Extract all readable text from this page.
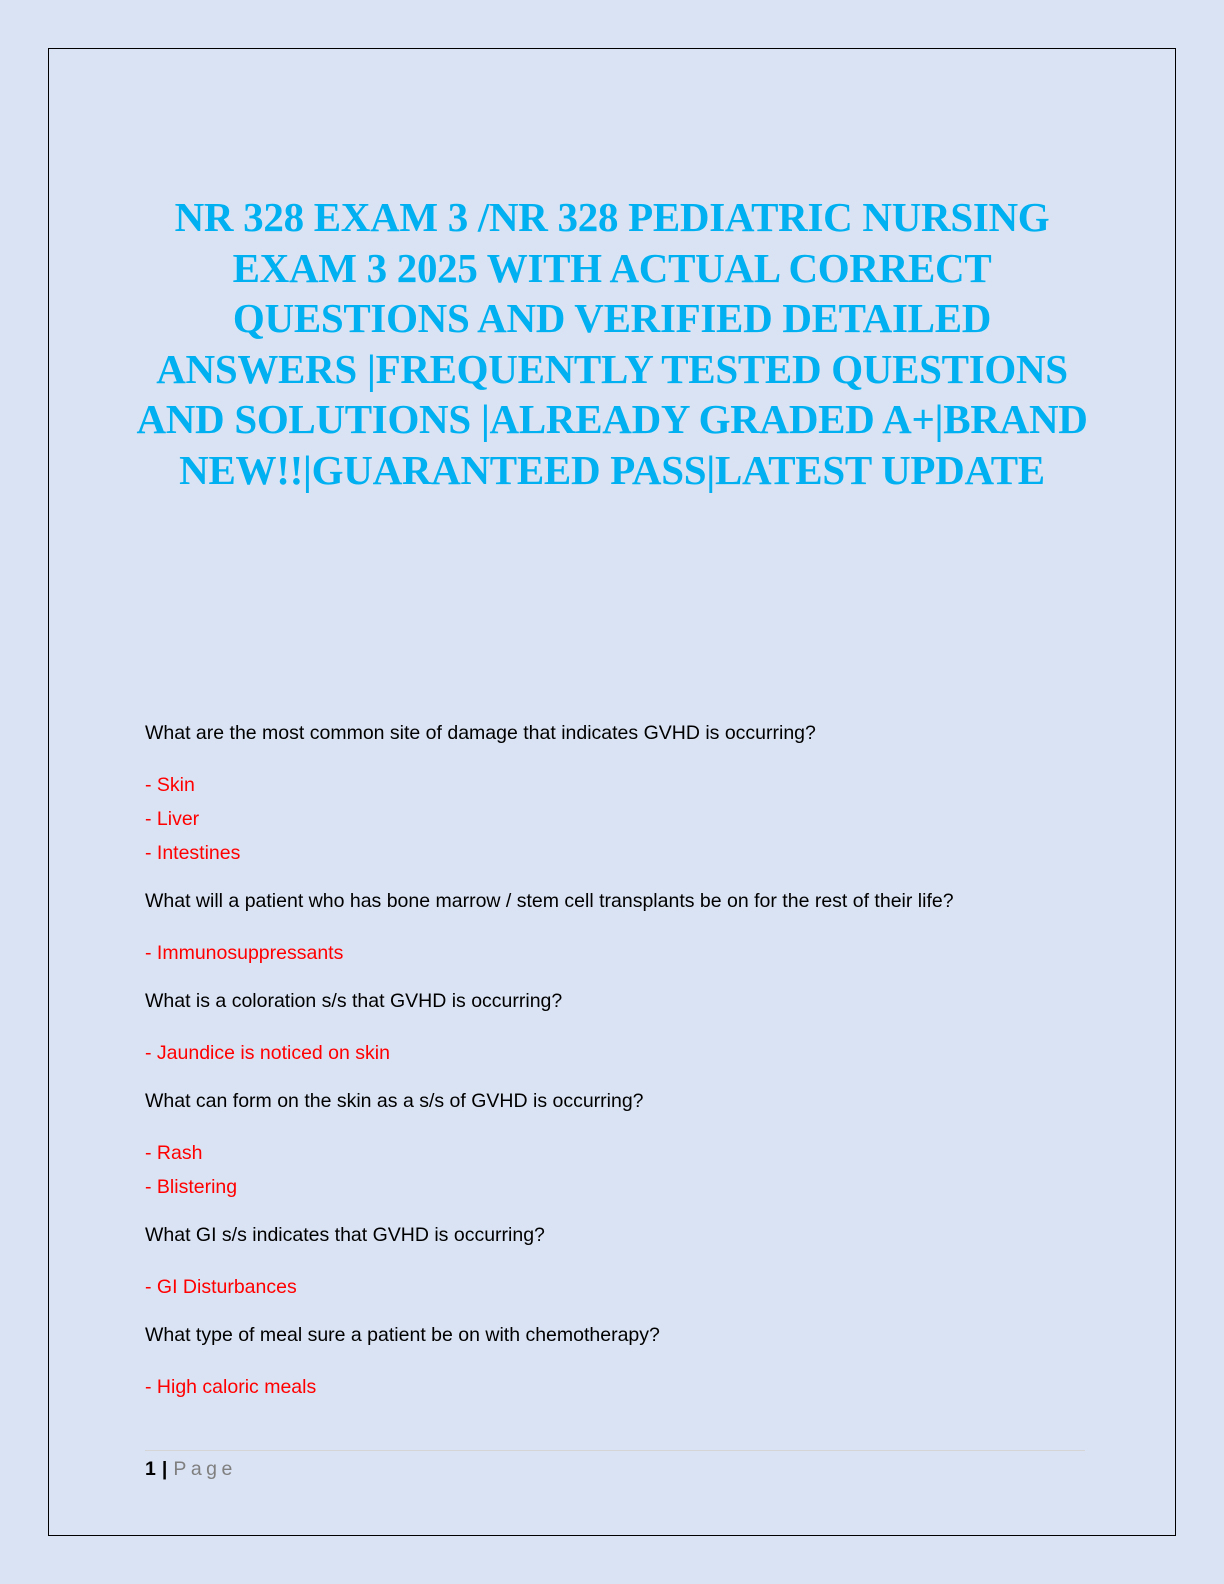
NR 328 EXAM 3 /NR 328 PEDIATRIC NURSING EXAM 3 2025 WITH ACTUAL CORRECT QUESTIONS AND VERIFIED DETAILED ANSWERS |FREQUENTLY TESTED QUESTIONS AND SOLUTIONS |ALREADY GRADED A+|BRAND NEW!!|GUARANTEED PASS|LATEST UPDATE

What are the most common site of damage that indicates GVHD is occurring?

- Skin
- Liver
- Intestines

What will a patient who has bone marrow / stem cell transplants be on for the rest of their life?

- Immunosuppressants

What is a coloration s/s that GVHD is occurring?

- Jaundice is noticed on skin

What can form on the skin as a s/s of GVHD is occurring?

- Rash
- Blistering

What GI s/s indicates that GVHD is occurring?

- GI Disturbances

What type of meal sure a patient be on with chemotherapy?

- High caloric meals
1 | Page
